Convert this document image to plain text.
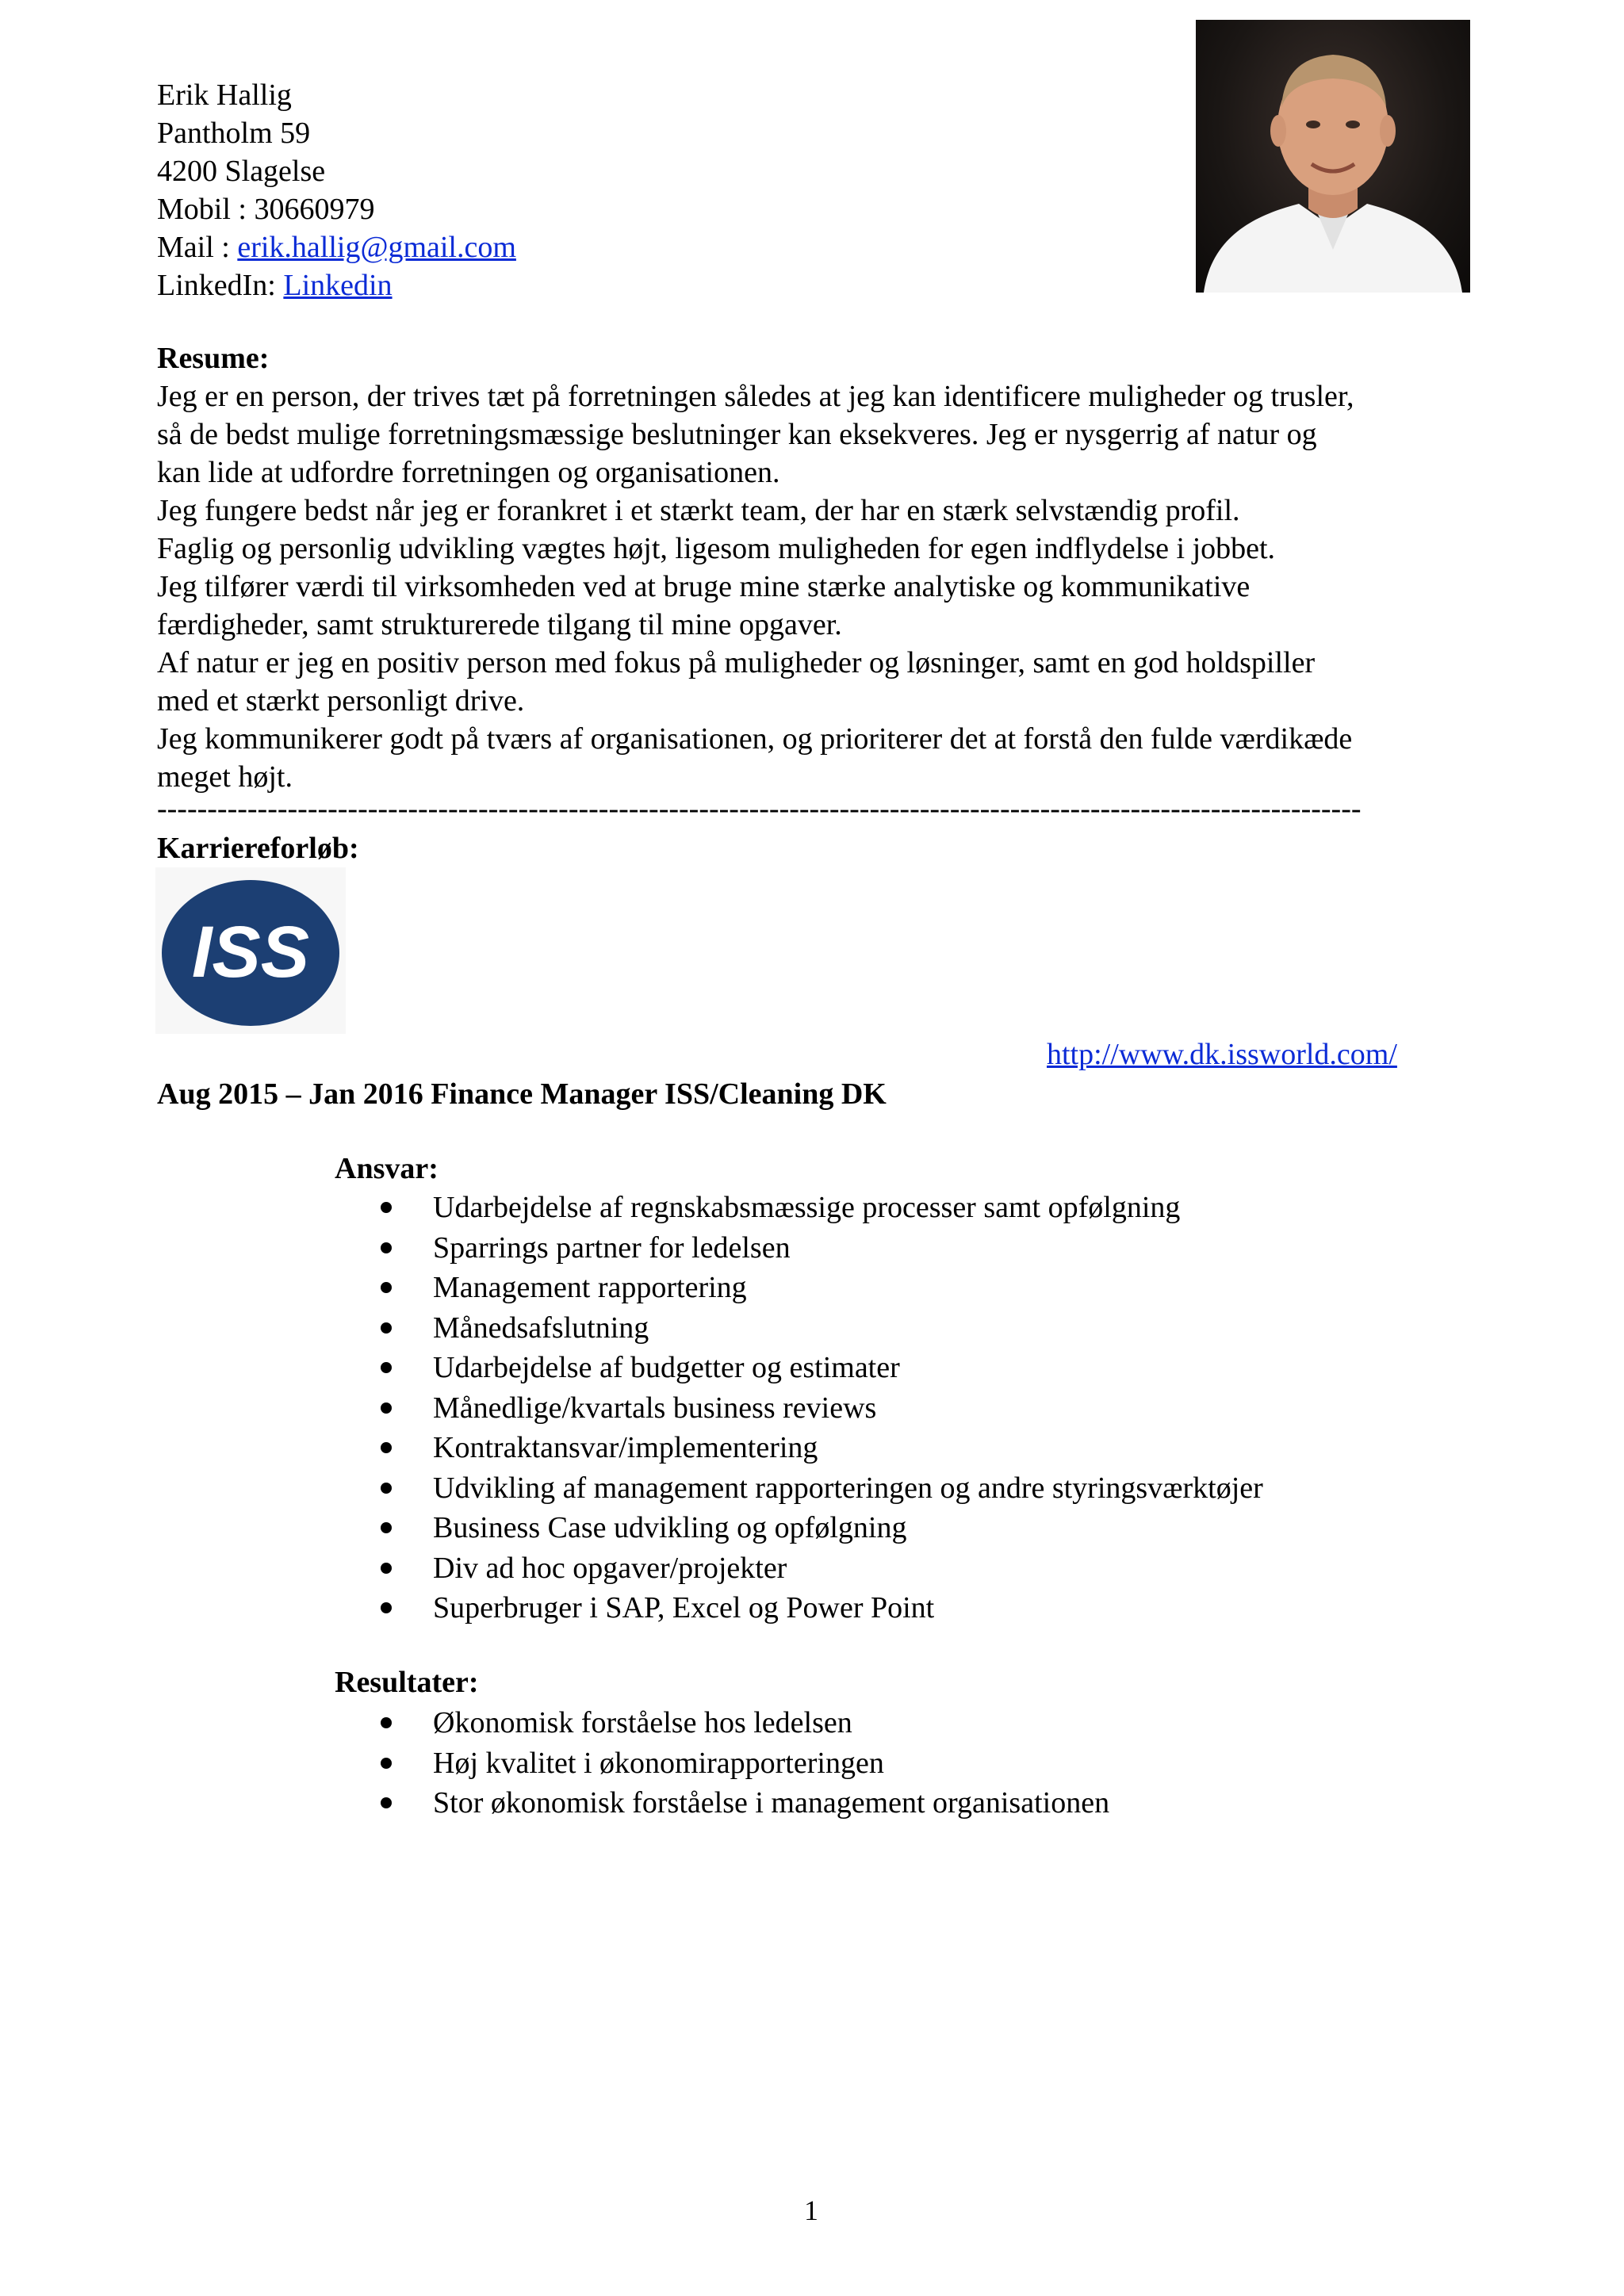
Erik Hallig
Pantholm 59
4200 Slagelse
Mobil : 30660979
Mail : erik.hallig@gmail.com
LinkedIn: Linkedin
Resume:
Jeg er en person, der trives tæt på forretningen således at jeg kan identificere muligheder og trusler,
så de bedst mulige forretningsmæssige beslutninger kan eksekveres. Jeg er nysgerrig af natur og
kan lide at udfordre forretningen og organisationen.
Jeg fungere bedst når jeg er forankret i et stærkt team, der har en stærk selvstændig profil.
Faglig og personlig udvikling vægtes højt, ligesom muligheden for egen indflydelse i jobbet.
Jeg tilfører værdi til virksomheden ved at bruge mine stærke analytiske og kommunikative
færdigheder, samt strukturerede tilgang til mine opgaver.
Af natur er jeg en positiv person med fokus på muligheder og løsninger, samt en god holdspiller
med et stærkt personligt drive.
Jeg kommunikerer godt på tværs af organisationen, og prioriterer det at forstå den fulde værdikæde
meget højt.
------------------------------------------------------------------------------------------------------------------------
Karriereforløb:
ISS
http://www.dk.issworld.com/
Aug 2015 – Jan 2016 Finance Manager ISS/Cleaning DK
Ansvar:
Udarbejdelse af regnskabsmæssige processer samt opfølgning
Sparrings partner for ledelsen
Management rapportering
Månedsafslutning
Udarbejdelse af budgetter og estimater
Månedlige/kvartals business reviews
Kontraktansvar/implementering
Udvikling af management rapporteringen og andre styringsværktøjer
Business Case udvikling og opfølgning
Div ad hoc opgaver/projekter
Superbruger i SAP, Excel og Power Point
Resultater:
Økonomisk forståelse hos ledelsen
Høj kvalitet i økonomirapporteringen
Stor økonomisk forståelse i management organisationen
1
